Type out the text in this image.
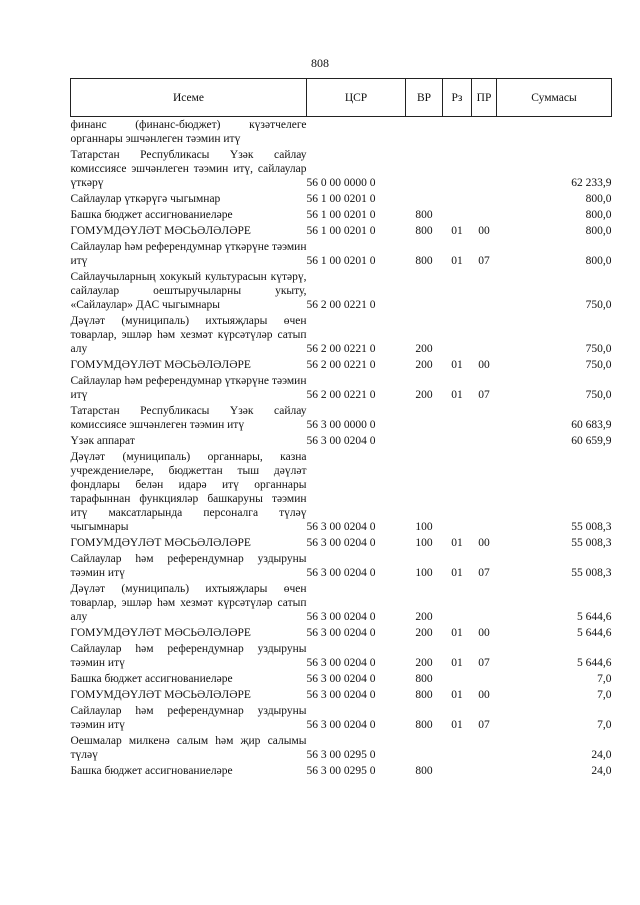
808
Исеме	ЦСР	ВР	Рз	ПР	Суммасы
финанс (финанс-бюджет) күзәтчелеге органнары эшчәнлеген тәэмин итү					
Татарстан Республикасы Үзәк сайлау комиссиясе эшчәнлеген тәэмин итү, сайлаулар үткәрү	56 0 00 0000 0				62 233,9
Сайлаулар үткәрүгә чыгымнар	56 1 00 0201 0				800,0
Башка бюджет ассигнованиеләре	56 1 00 0201 0	800			800,0
ГОМУМДӘҮЛӘТ МӘСЬӘЛӘЛӘРЕ	56 1 00 0201 0	800	01	00	800,0
Сайлаулар һәм референдумнар үткәрүне тәэмин итү	56 1 00 0201 0	800	01	07	800,0
Сайлаучыларның хокукый культурасын күтәрү, сайлаулар оештыручыларны укыту, «Сайлаулар» ДАС чыгымнары	56 2 00 0221 0				750,0
Дәүләт (муниципаль) ихтыяҗлары өчен товарлар, эшләр һәм хезмәт күрсәтүләр сатып алу	56 2 00 0221 0	200			750,0
ГОМУМДӘҮЛӘТ МӘСЬӘЛӘЛӘРЕ	56 2 00 0221 0	200	01	00	750,0
Сайлаулар һәм референдумнар үткәрүне тәэмин итү	56 2 00 0221 0	200	01	07	750,0
Татарстан Республикасы Үзәк сайлау комиссиясе эшчәнлеген тәэмин итү	56 3 00 0000 0				60 683,9
Үзәк аппарат	56 3 00 0204 0				60 659,9
Дәүләт (муниципаль) органнары, казна учреждениеләре, бюджеттан тыш дәүләт фондлары белән идарә итү органнары тарафыннан функцияләр башкаруны тәэмин итү максатларында персоналга түләү чыгымнары	56 3 00 0204 0	100			55 008,3
ГОМУМДӘҮЛӘТ МӘСЬӘЛӘЛӘРЕ	56 3 00 0204 0	100	01	00	55 008,3
Сайлаулар һәм референдумнар уздыруны тәэмин итү	56 3 00 0204 0	100	01	07	55 008,3
Дәүләт (муниципаль) ихтыяҗлары өчен товарлар, эшләр һәм хезмәт күрсәтүләр сатып алу	56 3 00 0204 0	200			5 644,6
ГОМУМДӘҮЛӘТ МӘСЬӘЛӘЛӘРЕ	56 3 00 0204 0	200	01	00	5 644,6
Сайлаулар һәм референдумнар уздыруны тәэмин итү	56 3 00 0204 0	200	01	07	5 644,6
Башка бюджет ассигнованиеләре	56 3 00 0204 0	800			7,0
ГОМУМДӘҮЛӘТ МӘСЬӘЛӘЛӘРЕ	56 3 00 0204 0	800	01	00	7,0
Сайлаулар һәм референдумнар уздыруны тәэмин итү	56 3 00 0204 0	800	01	07	7,0
Оешмалар милкенә салым һәм җир салымы түләү	56 3 00 0295 0				24,0
Башка бюджет ассигнованиеләре	56 3 00 0295 0	800			24,0
